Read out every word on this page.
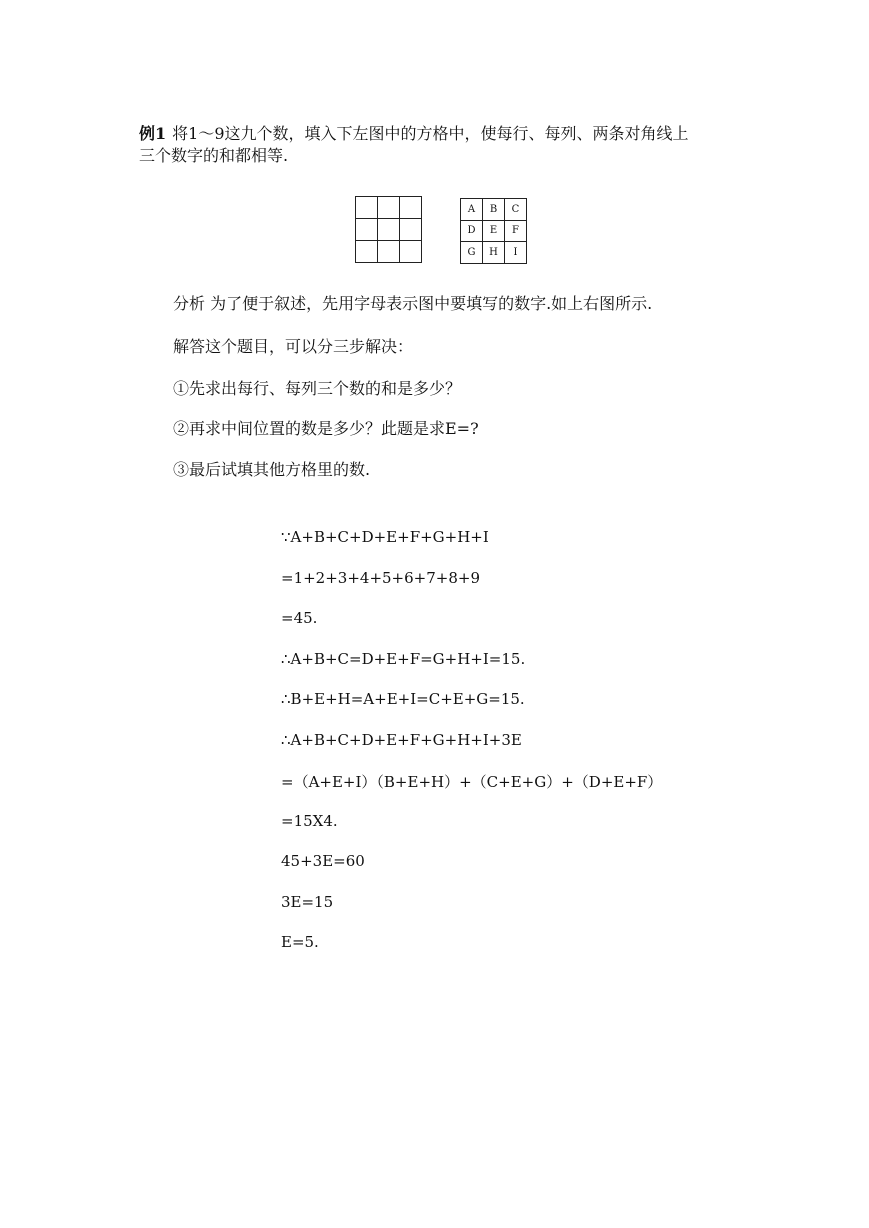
例1 将1～9这九个数，填入下左图中的方格中，使每行、每列、两条对角线上
三个数字的和都相等.
A	B	C
D	E	F
G	H	I
分析 为了便于叙述，先用字母表示图中要填写的数字.如上右图所示.
解答这个题目，可以分三步解决：
①先求出每行、每列三个数的和是多少？
②再求中间位置的数是多少？此题是求E=?
③最后试填其他方格里的数.
∵A+B+C+D+E+F+G+H+I
=1+2+3+4+5+6+7+8+9
=45.
∴A+B+C=D+E+F=G+H+I=15.
∴B+E+H=A+E+I=C+E+G=15.
∴A+B+C+D+E+F+G+H+I+3E
=（A+E+I）（B+E+H）+（C+E+G）+（D+E+F）
=15X4.
45+3E=60
3E=15
E=5.
